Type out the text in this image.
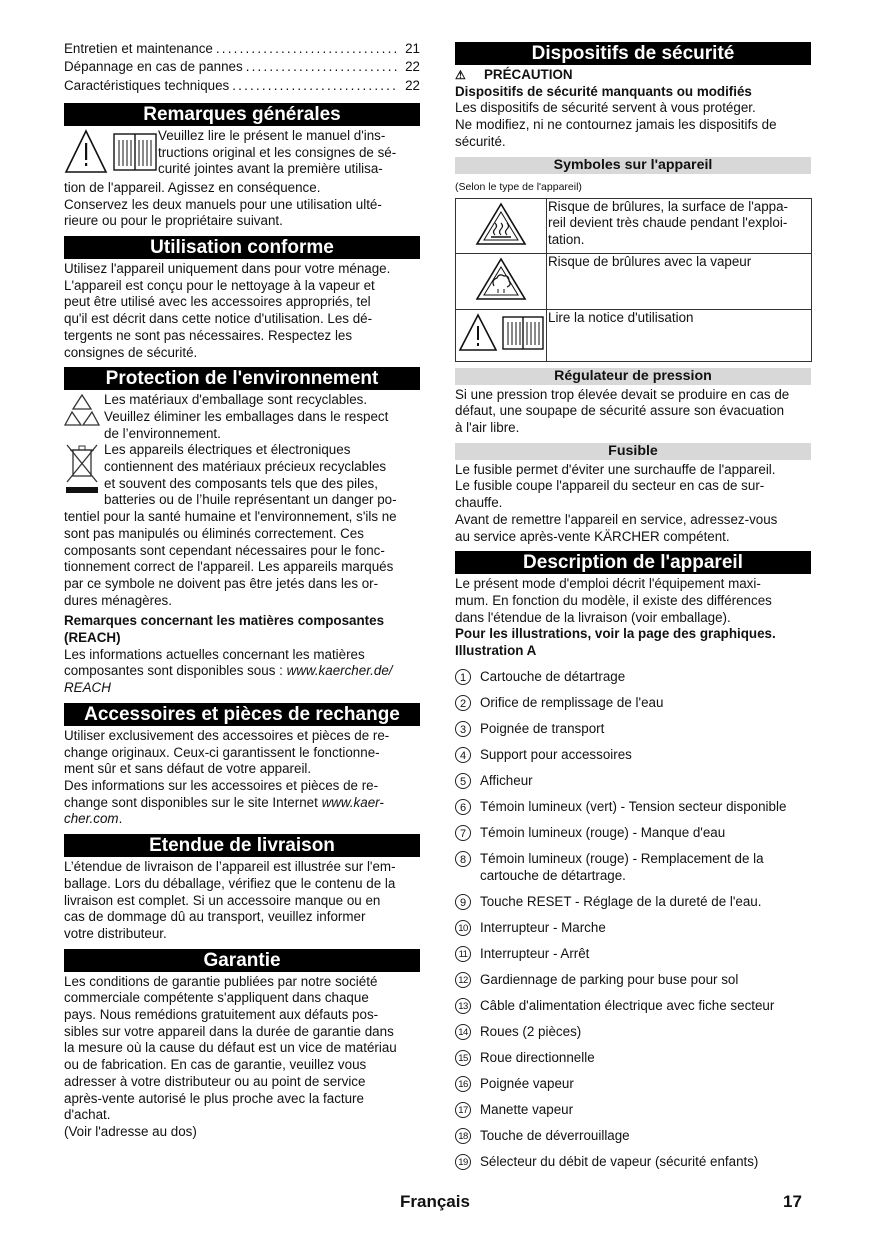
Entretien et maintenance .....	21
Dépannage en cas de pannes .....	22
Caractéristiques techniques .....	22
Remarques générales

Veuillez lire le présent le manuel d'ins-

tructions original et les consignes de sé-

curité jointes avant la première utilisa-

tion de l'appareil. Agissez en conséquence.

Conservez les deux manuels pour une utilisation ulté-

rieure ou pour le propriétaire suivant.

Utilisation conforme

Utilisez l'appareil uniquement dans pour votre ménage.

L'appareil est conçu pour le nettoyage à la vapeur et

peut être utilisé avec les accessoires appropriés, tel

qu'il est décrit dans cette notice d'utilisation. Les dé-

tergents ne sont pas nécessaires. Respectez les

consignes de sécurité.

Protection de l'environnement

Les matériaux d'emballage sont recyclables.

Veuillez éliminer les emballages dans le respect

de l’environnement.

Les appareils électriques et électroniques

contiennent des matériaux précieux recyclables

et souvent des composants tels que des piles,

batteries ou de l’huile représentant un danger po-

tentiel pour la santé humaine et l'environnement, s'ils ne

sont pas manipulés ou éliminés correctement. Ces

composants sont cependant nécessaires pour le fonc-

tionnement correct de l'appareil. Les appareils marqués

par ce symbole ne doivent pas être jetés dans les or-

dures ménagères.

Remarques concernant les matières composantes

(REACH)

Les informations actuelles concernant les matières

composantes sont disponibles sous : www.kaercher.de/

REACH

Accessoires et pièces de rechange

Utiliser exclusivement des accessoires et pièces de re-

change originaux. Ceux-ci garantissent le fonctionne-

ment sûr et sans défaut de votre appareil.

Des informations sur les accessoires et pièces de re-

change sont disponibles sur le site Internet www.kaer-

cher.com.

Etendue de livraison

L’étendue de livraison de l’appareil est illustrée sur l'em-

ballage. Lors du déballage, vérifiez que le contenu de la

livraison est complet. Si un accessoire manque ou en

cas de dommage dû au transport, veuillez informer

votre distributeur.

Garantie

Les conditions de garantie publiées par notre société

commerciale compétente s'appliquent dans chaque

pays. Nous remédions gratuitement aux défauts pos-

sibles sur votre appareil dans la durée de garantie dans

la mesure où la cause du défaut est un vice de matériau

ou de fabrication. En cas de garantie, veuillez vous

adresser à votre distributeur ou au point de service

après-vente autorisé le plus proche avec la facture

d'achat.

(Voir l'adresse au dos)

Dispositifs de sécurité

⚠ PRÉCAUTION

Dispositifs de sécurité manquants ou modifiés

Les dispositifs de sécurité servent à vous protéger.

Ne modifiez, ni ne contournez jamais les dispositifs de

sécurité.

Symboles sur l'appareil

(Selon le type de l'appareil)

Risque de brûlures, la surface de l'appa-
reil devient très chaude pendant l'exploi-
tation.

Risque de brûlures avec la vapeur

Lire la notice d'utilisation
Régulateur de pression

Si une pression trop élevée devait se produire en cas de

défaut, une soupape de sécurité assure son évacuation

à l'air libre.

Fusible

Le fusible permet d'éviter une surchauffe de l'appareil.

Le fusible coupe l'appareil du secteur en cas de sur-

chauffe.

Avant de remettre l'appareil en service, adressez-vous

au service après-vente KÄRCHER compétent.

Description de l'appareil

Le présent mode d'emploi décrit l'équipement maxi-

mum. En fonction du modèle, il existe des différences

dans l'étendue de la livraison (voir emballage).

Pour les illustrations, voir la page des graphiques.

Illustration A

1	Cartouche de détartrage
2	Orifice de remplissage de l'eau
3	Poignée de transport
4	Support pour accessoires
5	Afficheur
6	Témoin lumineux (vert) - Tension secteur disponible
7	Témoin lumineux (rouge) - Manque d'eau
8	Témoin lumineux (rouge) - Remplacement de la
cartouche de détartrage.
9	Touche RESET - Réglage de la dureté de l'eau.
10 Interrupteur - Marche
11 Interrupteur - Arrêt
12 Gardiennage de parking pour buse pour sol
13 Câble d'alimentation électrique avec fiche secteur
14 Roues (2 pièces)
15 Roue directionnelle
16 Poignée vapeur
17 Manette vapeur
18 Touche de déverrouillage
19 Sélecteur du débit de vapeur (sécurité enfants)
Français	17
